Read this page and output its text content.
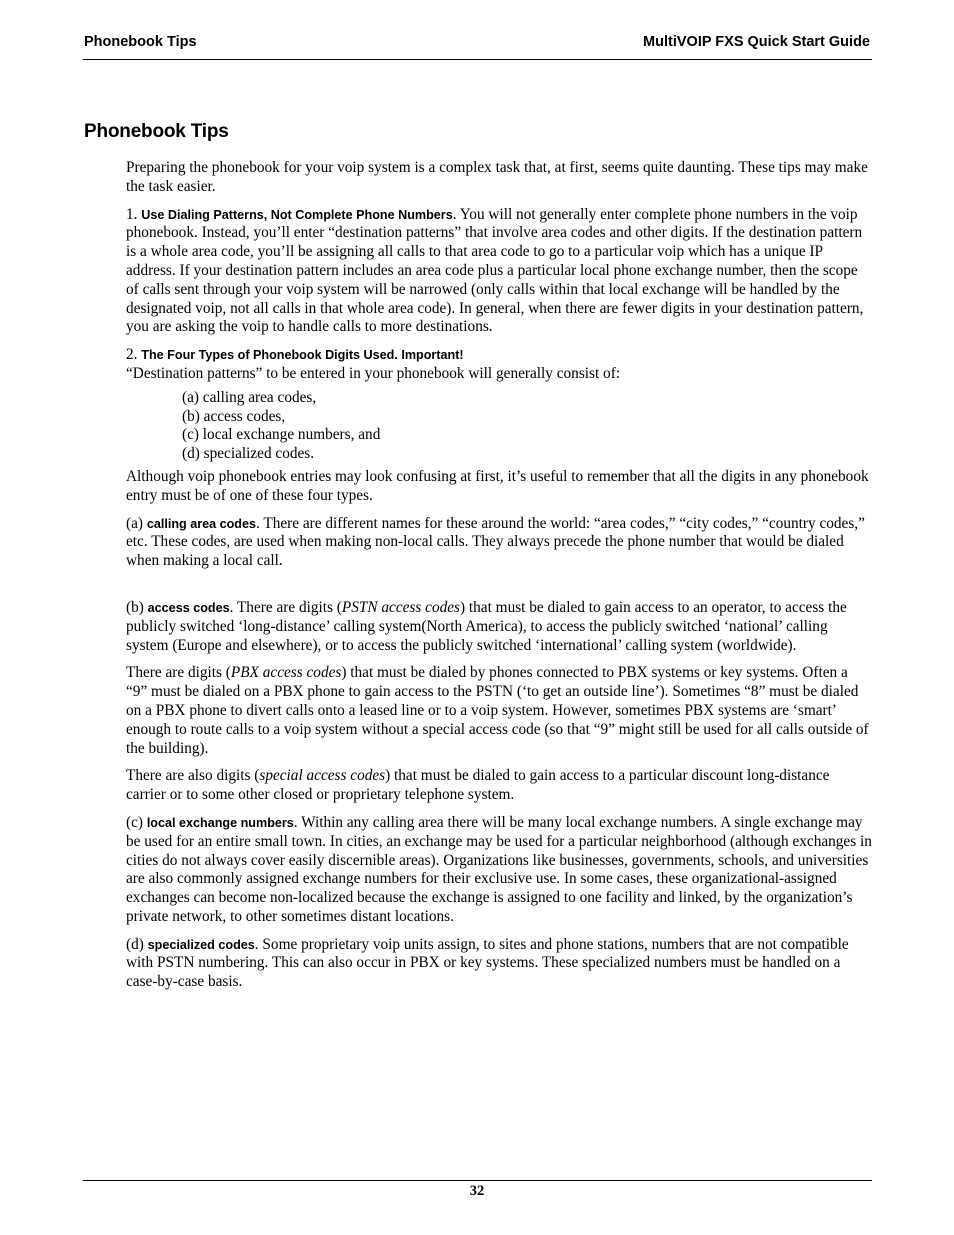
Phonebook Tips	MultiVOIP FXS Quick Start Guide
Phonebook Tips

Preparing the phonebook for your voip system is a complex task that, at first, seems quite daunting. These tips may make the task easier.

1. Use Dialing Patterns, Not Complete Phone Numbers. You will not generally enter complete phone numbers in the voip phonebook. Instead, you’ll enter “destination patterns” that involve area codes and other digits. If the destination pattern is a whole area code, you’ll be assigning all calls to that area code to go to a particular voip which has a unique IP address. If your destination pattern includes an area code plus a particular local phone exchange number, then the scope of calls sent through your voip system will be narrowed (only calls within that local exchange will be handled by the designated voip, not all calls in that whole area code). In general, when there are fewer digits in your destination pattern, you are asking the voip to handle calls to more destinations.

2. The Four Types of Phonebook Digits Used. Important!
“Destination patterns” to be entered in your phonebook will generally consist of:
(a) calling area codes,
(b) access codes,
(c) local exchange numbers, and
(d) specialized codes.

Although voip phonebook entries may look confusing at first, it’s useful to remember that all the digits in any phonebook entry must be of one of these four types.

(a) calling area codes. There are different names for these around the world: “area codes,” “city codes,” “country codes,” etc. These codes, are used when making non-local calls. They always precede the phone number that would be dialed when making a local call.

(b) access codes. There are digits (PSTN access codes) that must be dialed to gain access to an operator, to access the publicly switched ‘long-distance’ calling system(North America), to access the publicly switched ‘national’ calling system (Europe and elsewhere), or to access the publicly switched ‘international’ calling system (worldwide).

There are digits (PBX access codes) that must be dialed by phones connected to PBX systems or key systems. Often a “9” must be dialed on a PBX phone to gain access to the PSTN (‘to get an outside line’). Sometimes “8” must be dialed on a PBX phone to divert calls onto a leased line or to a voip system. However, sometimes PBX systems are ‘smart’ enough to route calls to a voip system without a special access code (so that “9” might still be used for all calls outside of the building).

There are also digits (special access codes) that must be dialed to gain access to a particular discount long-distance carrier or to some other closed or proprietary telephone system.

(c) local exchange numbers. Within any calling area there will be many local exchange numbers. A single exchange may be used for an entire small town. In cities, an exchange may be used for a particular neighborhood (although exchanges in cities do not always cover easily discernible areas). Organizations like businesses, governments, schools, and universities are also commonly assigned exchange numbers for their exclusive use. In some cases, these organizational-assigned exchanges can become non-localized because the exchange is assigned to one facility and linked, by the organization’s private network, to other sometimes distant locations.

(d) specialized codes. Some proprietary voip units assign, to sites and phone stations, numbers that are not compatible with PSTN numbering. This can also occur in PBX or key systems. These specialized numbers must be handled on a case-by-case basis.

32
